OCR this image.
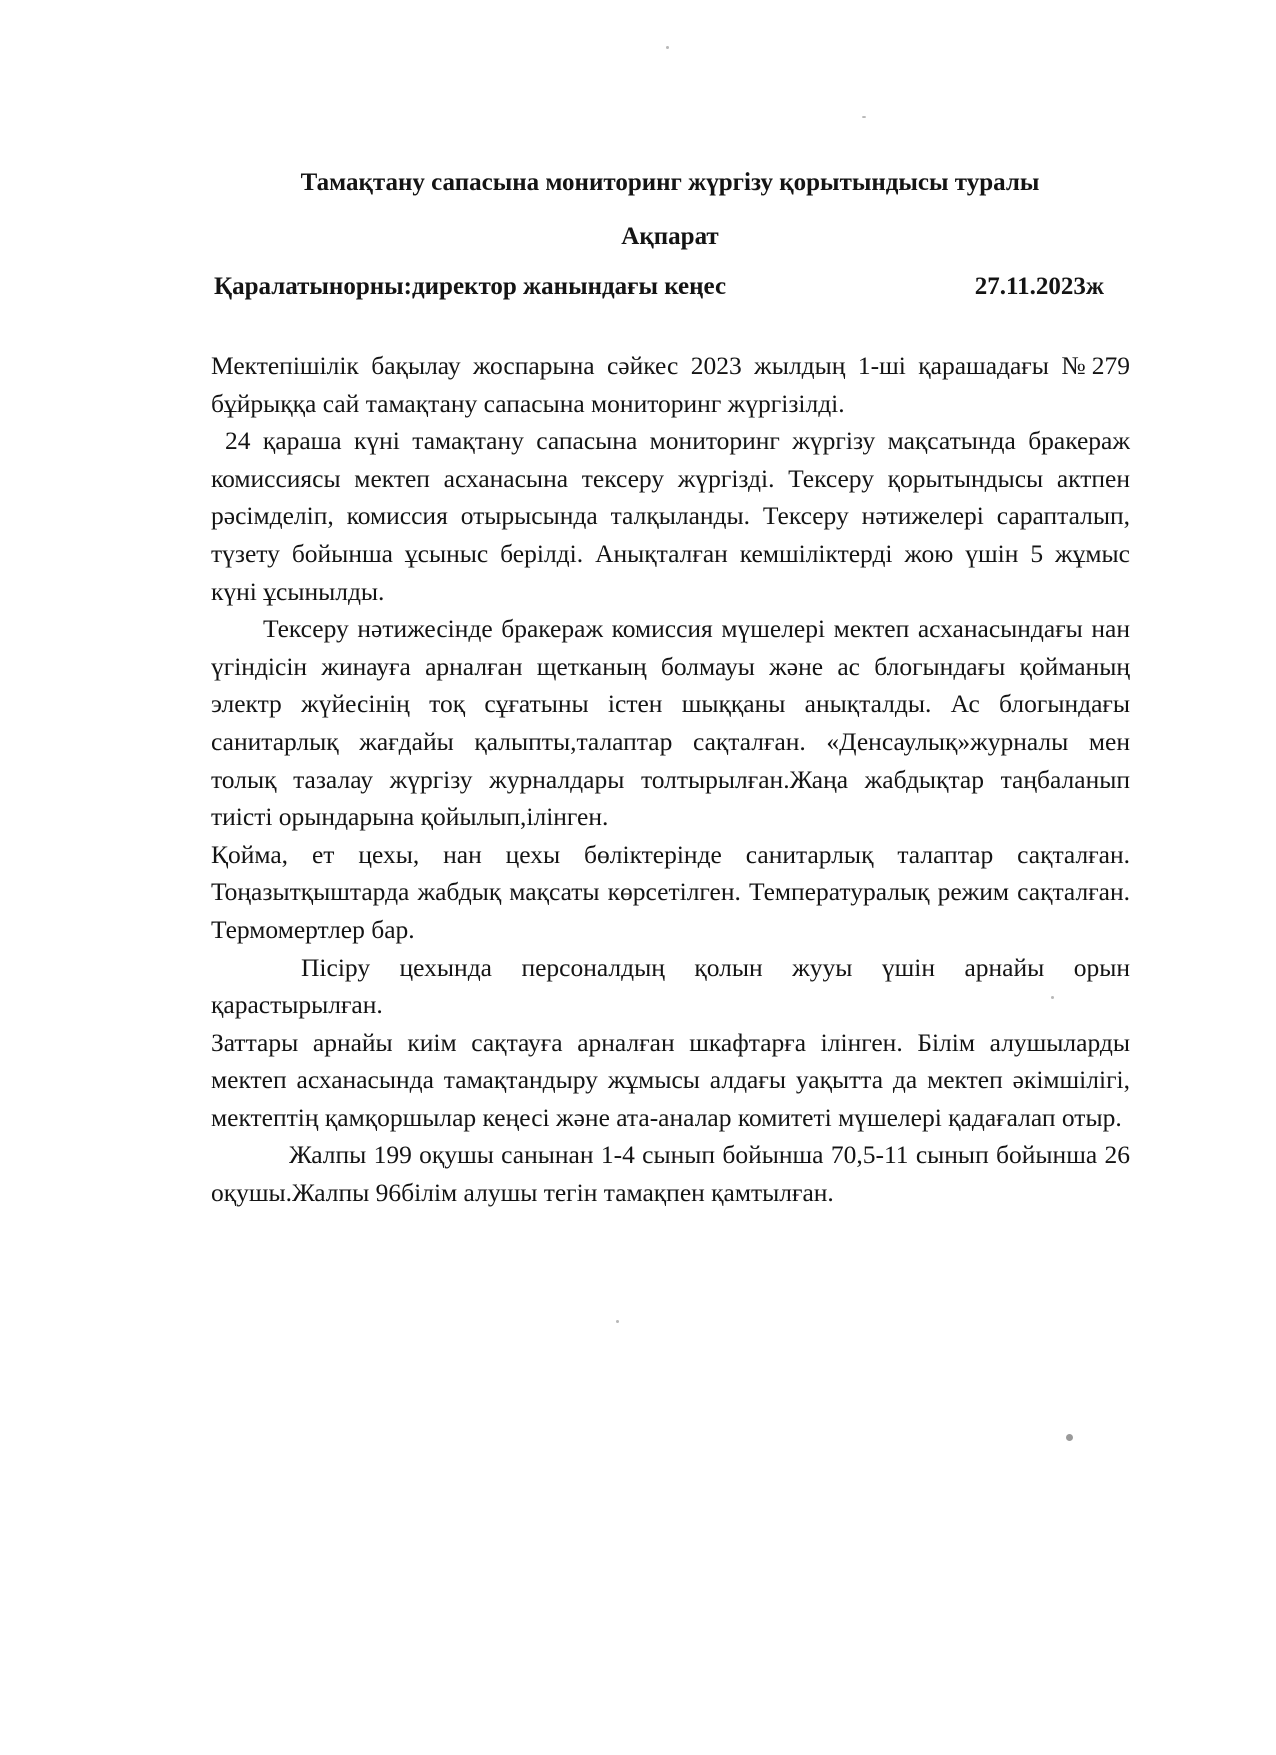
Тамақтану сапасына мониторинг жүргізу қорытындысы туралы
Ақпарат
Қаралатынорны:директор жанындағы кеңес	27.11.2023ж

Мектепішілік бақылау жоспарына сәйкес 2023 жылдың 1-ші қарашадағы №279 бұйрыққа сай тамақтану сапасына мониторинг жүргізілді.

24 қараша күні тамақтану сапасына мониторинг жүргізу мақсатында бракераж комиссиясы мектеп асханасына тексеру жүргізді. Тексеру қорытындысы актпен рәсімделіп, комиссия отырысында талқыланды. Тексеру нәтижелері сарапталып, түзету бойынша ұсыныс берілді. Анықталған кемшіліктерді жою үшін 5 жұмыс күні ұсынылды.

Тексеру нәтижесінде бракераж комиссия мүшелері мектеп асханасындағы нан үгіндісін жинауға арналған щетканың болмауы және ас блогындағы қойманың электр жүйесінің тоқ сұғатыны істен шыққаны анықталды. Ас блогындағы санитарлық жағдайы қалыпты,талаптар сақталған. «Денсаулық»журналы мен толық тазалау жүргізу журналдары толтырылған.Жаңа жабдықтар таңбаланып тиісті орындарына қойылып,ілінген.

Қойма, ет цехы, нан цехы бөліктерінде санитарлық талаптар сақталған. Тоңазытқыштарда жабдық мақсаты көрсетілген. Температуралық режим сақталған. Термомертлер бар.

Пісіру цехында персоналдың қолын жууы үшін арнайы орын қарастырылған.

Заттары арнайы киім сақтауға арналған шкафтарға ілінген. Білім алушыларды мектеп асханасында тамақтандыру жұмысы алдағы уақытта да мектеп әкімшілігі, мектептің қамқоршылар кеңесі және ата-аналар комитеті мүшелері қадағалап отыр.

Жалпы 199 оқушы санынан 1-4 сынып бойынша 70,5-11 сынып бойынша 26 оқушы.Жалпы 96білім алушы тегін тамақпен қамтылған.
